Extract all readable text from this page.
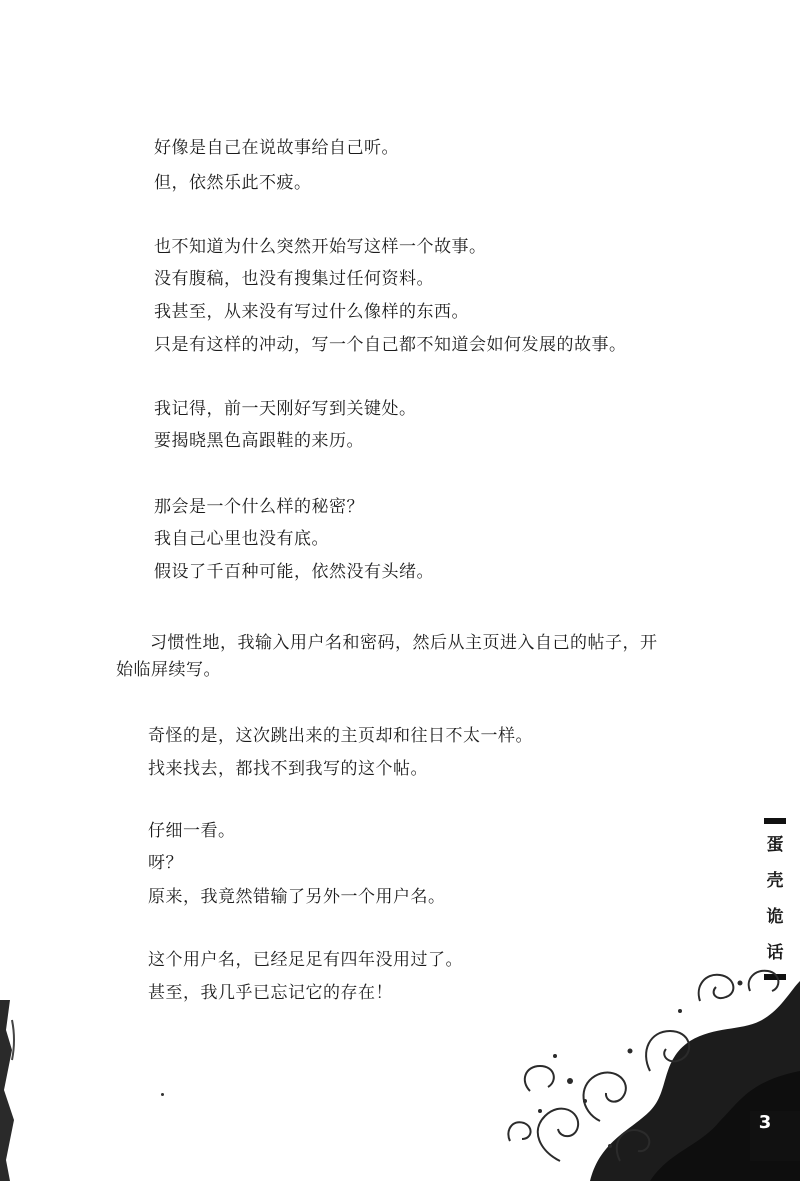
好像是自己在说故事给自己听。
但，依然乐此不疲。
也不知道为什么突然开始写这样一个故事。
没有腹稿，也没有搜集过任何资料。
我甚至，从来没有写过什么像样的东西。
只是有这样的冲动，写一个自己都不知道会如何发展的故事。
我记得，前一天刚好写到关键处。
要揭晓黑色高跟鞋的来历。
那会是一个什么样的秘密？
我自己心里也没有底。
假设了千百种可能，依然没有头绪。
习惯性地，我输入用户名和密码，然后从主页进入自己的帖子，开
始临屏续写。
奇怪的是，这次跳出来的主页却和往日不太一样。
找来找去，都找不到我写的这个帖。
仔细一看。
呀？
原来，我竟然错输了另外一个用户名。
这个用户名，已经足足有四年没用过了。
甚至，我几乎已忘记它的存在！
蛋
壳
诡
话
3
